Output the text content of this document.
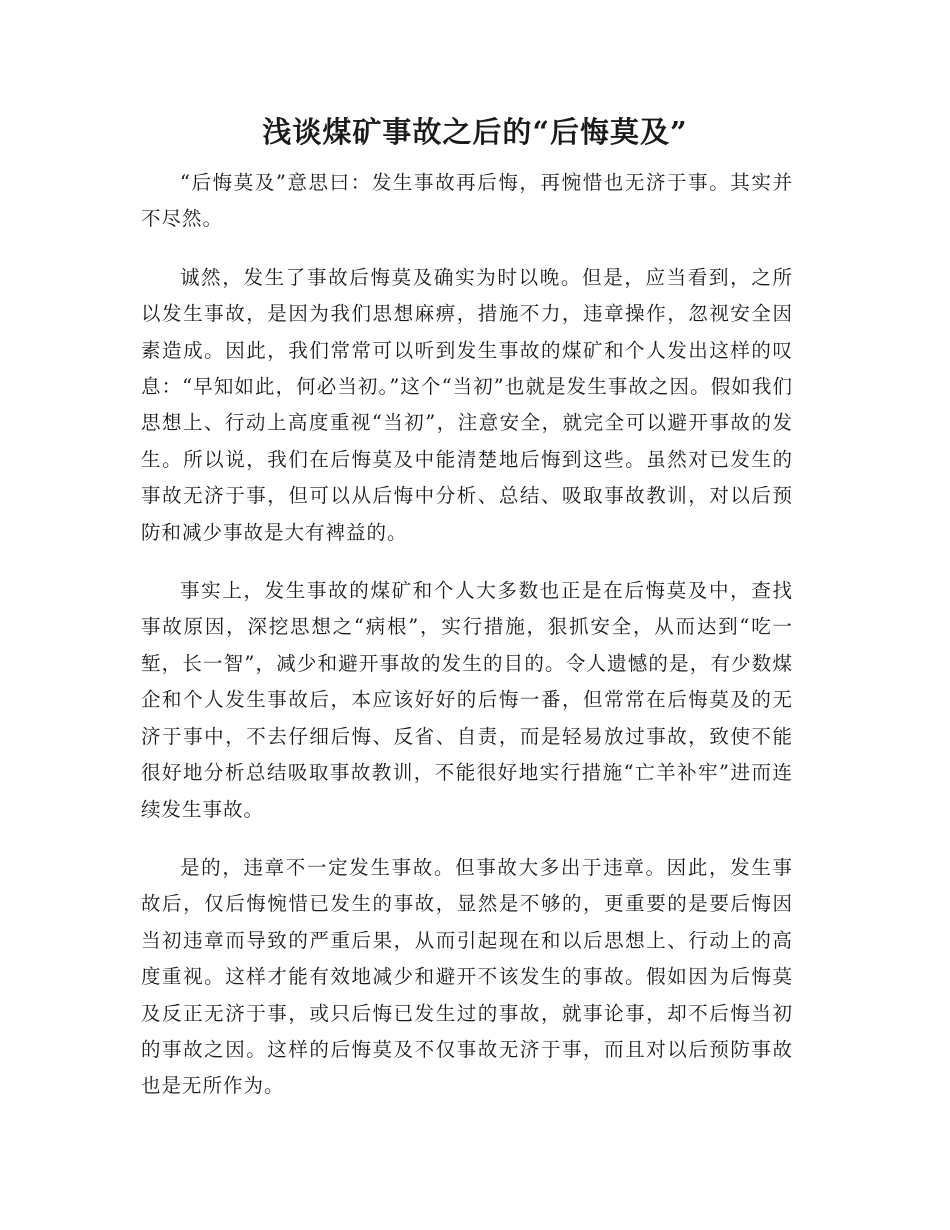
浅谈煤矿事故之后的“后悔莫及”

“后悔莫及”意思曰：发生事故再后悔，再惋惜也无济于事。其实并不尽然。

诚然，发生了事故后悔莫及确实为时以晚。但是，应当看到，之所以发生事故，是因为我们思想麻痹，措施不力，违章操作，忽视安全因素造成。因此，我们常常可以听到发生事故的煤矿和个人发出这样的叹息：“早知如此，何必当初。”这个“当初”也就是发生事故之因。假如我们思想上、行动上高度重视“当初”，注意安全，就完全可以避开事故的发生。所以说，我们在后悔莫及中能清楚地后悔到这些。虽然对已发生的事故无济于事，但可以从后悔中分析、总结、吸取事故教训，对以后预防和减少事故是大有裨益的。

事实上，发生事故的煤矿和个人大多数也正是在后悔莫及中，查找事故原因，深挖思想之“病根”，实行措施，狠抓安全，从而达到“吃一堑，长一智”，减少和避开事故的发生的目的。令人遗憾的是，有少数煤企和个人发生事故后，本应该好好的后悔一番，但常常在后悔莫及的无济于事中，不去仔细后悔、反省、自责，而是轻易放过事故，致使不能很好地分析总结吸取事故教训，不能很好地实行措施“亡羊补牢”进而连续发生事故。

是的，违章不一定发生事故。但事故大多出于违章。因此，发生事故后，仅后悔惋惜已发生的事故，显然是不够的，更重要的是要后悔因当初违章而导致的严重后果，从而引起现在和以后思想上、行动上的高度重视。这样才能有效地减少和避开不该发生的事故。假如因为后悔莫及反正无济于事，或只后悔已发生过的事故，就事论事，却不后悔当初的事故之因。这样的后悔莫及不仅事故无济于事，而且对以后预防事故也是无所作为。
